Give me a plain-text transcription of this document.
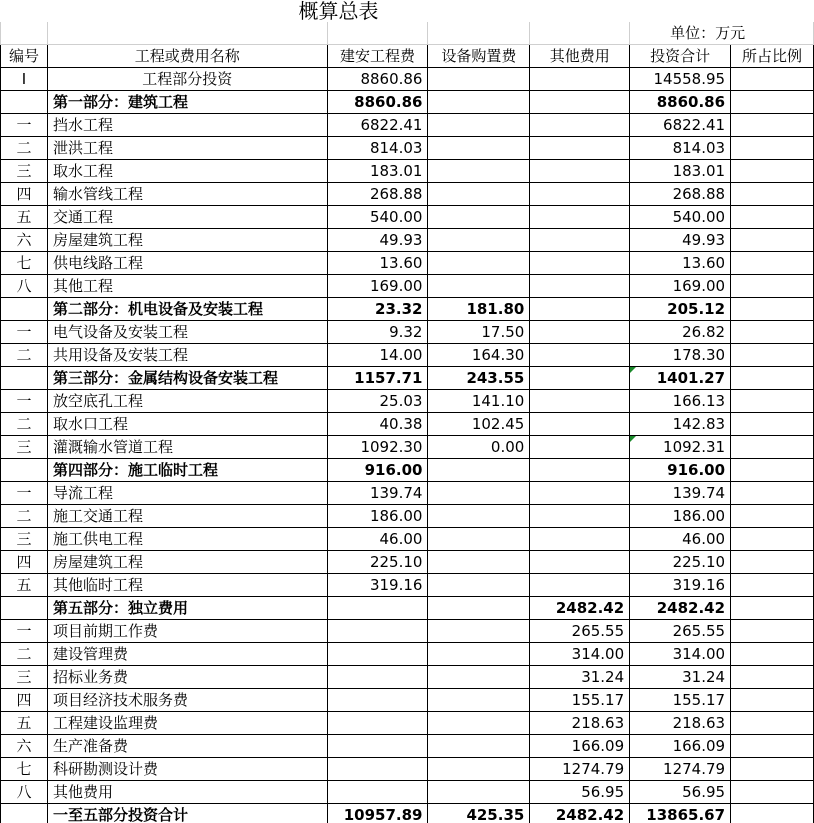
	概算总表					
					单位：万元	
编号	工程或费用名称	建安工程费	设备购置费	其他费用	投资合计	所占比例
Ⅰ	工程部分投资	8860.86			14558.95	
	第一部分：建筑工程	8860.86			8860.86	
一	挡水工程	6822.41			6822.41	
二	泄洪工程	814.03			814.03	
三	取水工程	183.01			183.01	
四	输水管线工程	268.88			268.88	
五	交通工程	540.00			540.00	
六	房屋建筑工程	49.93			49.93	
七	供电线路工程	13.60			13.60	
八	其他工程	169.00			169.00	
	第二部分：机电设备及安装工程	23.32	181.80		205.12	
一	电气设备及安装工程	9.32	17.50		26.82	
二	共用设备及安装工程	14.00	164.30		178.30	
	第三部分：金属结构设备安装工程	1157.71	243.55		1401.27	
一	放空底孔工程	25.03	141.10		166.13	
二	取水口工程	40.38	102.45		142.83	
三	灌溉输水管道工程	1092.30	0.00		1092.31	
	第四部分：施工临时工程	916.00			916.00	
一	导流工程	139.74			139.74	
二	施工交通工程	186.00			186.00	
三	施工供电工程	46.00			46.00	
四	房屋建筑工程	225.10			225.10	
五	其他临时工程	319.16			319.16	
	第五部分：独立费用			2482.42	2482.42	
一	项目前期工作费			265.55	265.55	
二	建设管理费			314.00	314.00	
三	招标业务费			31.24	31.24	
四	项目经济技术服务费			155.17	155.17	
五	工程建设监理费			218.63	218.63	
六	生产准备费			166.09	166.09	
七	科研勘测设计费			1274.79	1274.79	
八	其他费用			56.95	56.95	
	一至五部分投资合计	10957.89	425.35	2482.42	13865.67	
